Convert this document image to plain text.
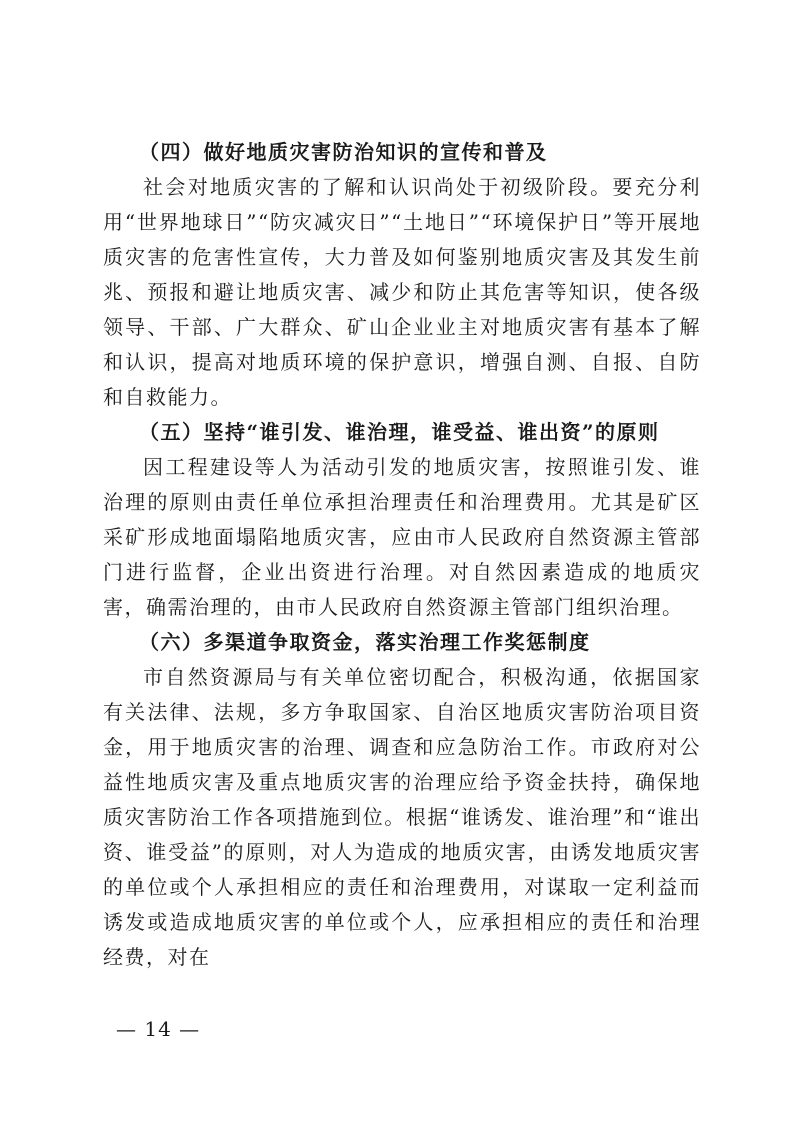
（四）做好地质灾害防治知识的宣传和普及

社会对地质灾害的了解和认识尚处于初级阶段。要充分利用“世界地球日”“防灾减灾日”“土地日”“环境保护日”等开展地质灾害的危害性宣传，大力普及如何鉴别地质灾害及其发生前兆、预报和避让地质灾害、减少和防止其危害等知识，使各级领导、干部、广大群众、矿山企业业主对地质灾害有基本了解和认识，提高对地质环境的保护意识，增强自测、自报、自防和自救能力。

（五）坚持“谁引发、谁治理，谁受益、谁出资”的原则

因工程建设等人为活动引发的地质灾害，按照谁引发、谁治理的原则由责任单位承担治理责任和治理费用。尤其是矿区采矿形成地面塌陷地质灾害，应由市人民政府自然资源主管部门进行监督，企业出资进行治理。对自然因素造成的地质灾害，确需治理的，由市人民政府自然资源主管部门组织治理。

（六）多渠道争取资金，落实治理工作奖惩制度

市自然资源局与有关单位密切配合，积极沟通，依据国家有关法律、法规，多方争取国家、自治区地质灾害防治项目资金，用于地质灾害的治理、调查和应急防治工作。市政府对公益性地质灾害及重点地质灾害的治理应给予资金扶持，确保地质灾害防治工作各项措施到位。根据“谁诱发、谁治理”和“谁出资、谁受益”的原则，对人为造成的地质灾害，由诱发地质灾害的单位或个人承担相应的责任和治理费用，对谋取一定利益而诱发或造成地质灾害的单位或个人，应承担相应的责任和治理经费，对在

— 14 —
